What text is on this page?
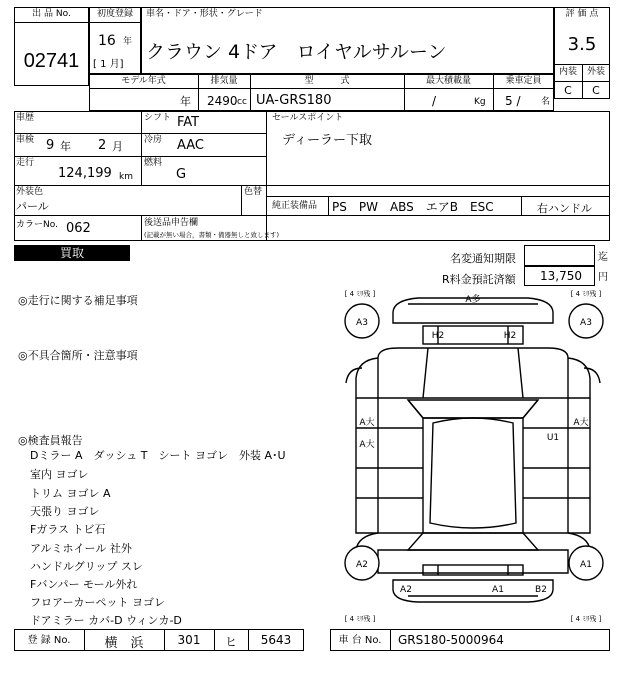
出 品 No.
02741
初度登録
16 年
[ 1 月]
車名・ドア・形状・グレード
クラウン 4ドア　ロイヤルサルーン
評 価 点
3.5
内装	外装
C	C
モデル年式
年
排気量
2490 cc
型　　　式
UA-GRS180
最大積載量
/	Kg
乗車定員
5 / 名
車歴
車検 9 年 2 月
走行
124,199 km
シフト FAT
冷房 AAC
燃料
G
セールスポイント
ディーラー下取
外装色
パール
色替
純正装備品 PS　PW　ABS　エアB　ESC	右ハンドル
カラーNo. 062	後送品申告欄
(記載が無い場合，書類・備器無しと致します)
買取	名変通知期限	迄
R料金預託済額 13,750 円
◎走行に関する補足事項
◎不具合箇所・注意事項
◎検査員報告
Dミラー A　ダッシュ T　シート ヨゴレ　外装 A･U
室内 ヨゴレ
トリム ヨゴレ A
天張り ヨゴレ
Fガラス トビ石
アルミホイール 社外
ハンドルグリップ スレ
Fバンパー モール外れ
フロアーカーペット ヨゴレ
ドアミラー カバ-D ウィンカ-D
[ 4 ﾐﾘ残 ]	[ 4 ﾐﾘ残 ]
[ 4 ﾐﾘ残 ]	[ 4 ﾐﾘ残 ]
A3	A3
A2	A1
A多
H2	H2
A大
A大
A大
U1
A2	A1	B2
登 録 No.	横　浜	301	ヒ	5643	車 台 No.	GRS180-5000964
